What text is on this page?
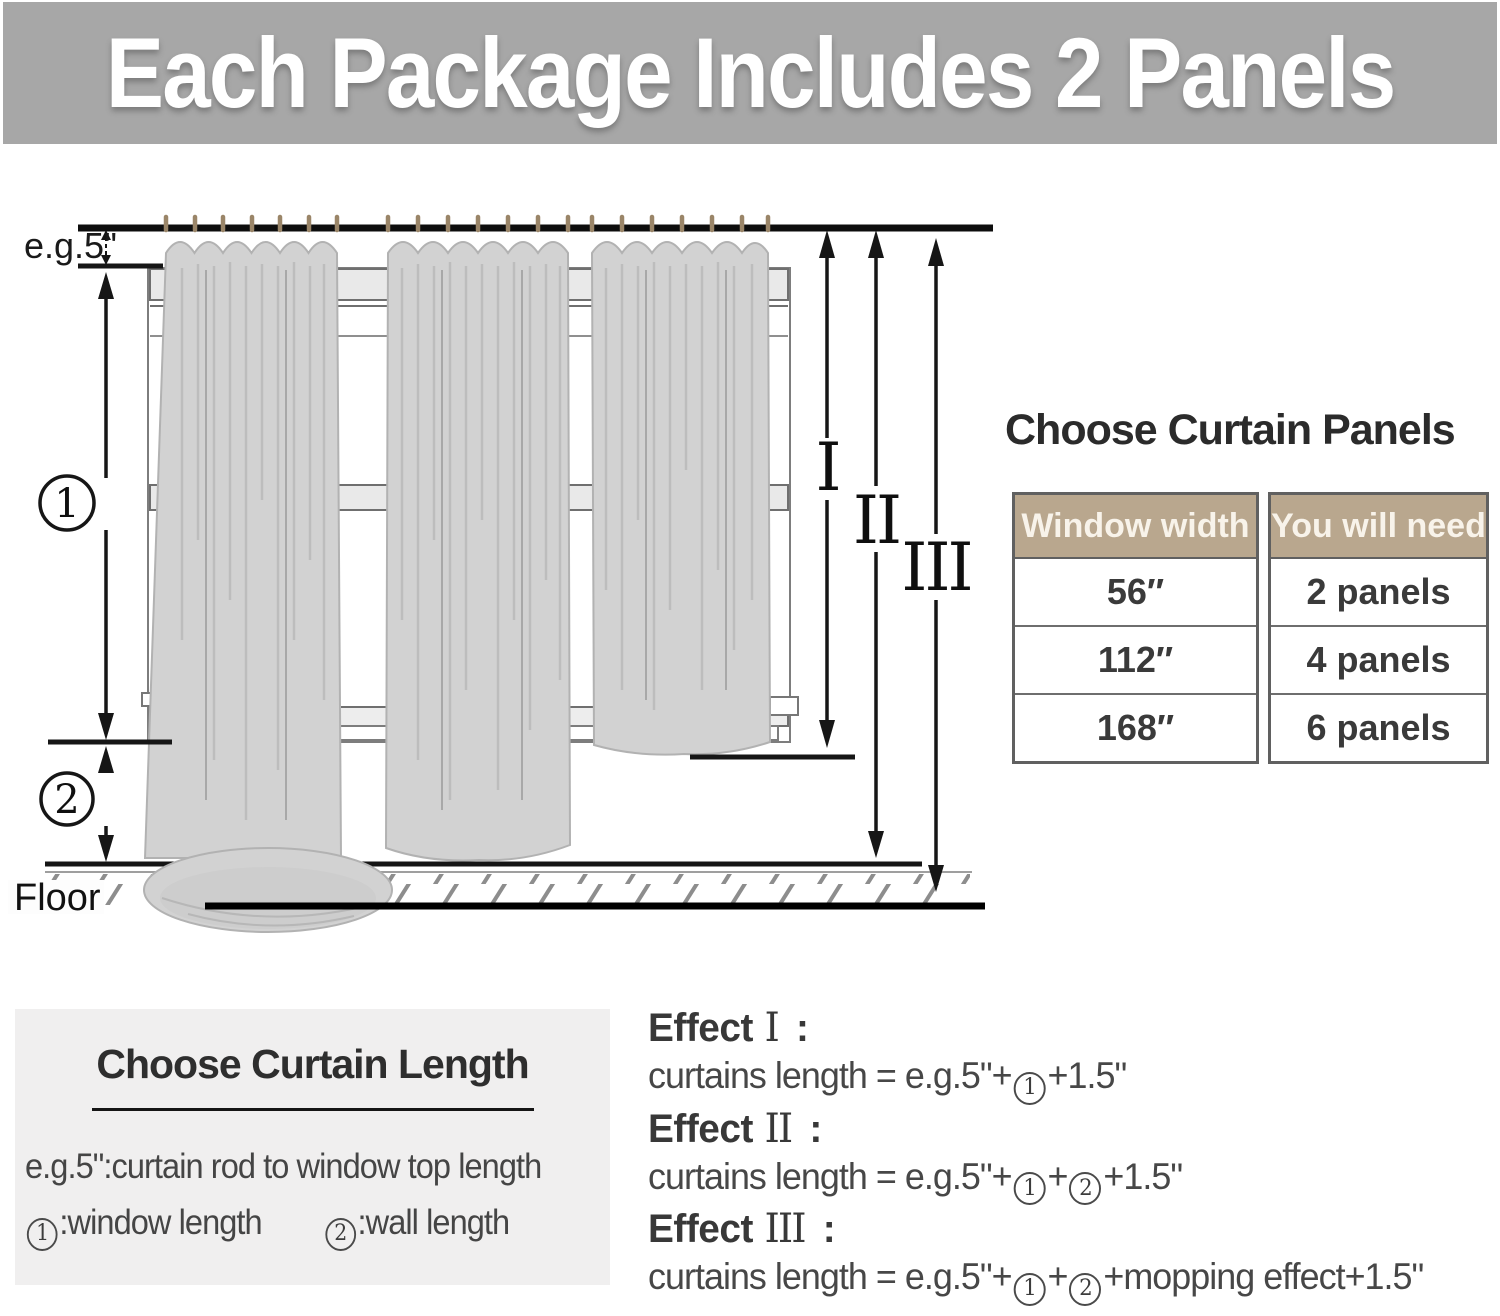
Each Package Includes 2 Panels
e.g.5"
1
2
Floor
I
II
III
Choose Curtain Panels
Window width
56″
112″
168″
You will need
2 panels
4 panels
6 panels
Choose Curtain Length
e.g.5":curtain rod to window top length
1 :window length	2 :wall length
Effect I :
curtains length = e.g.5"+ 1 +1.5"
Effect II :
curtains length = e.g.5"+ 1 + 2 +1.5"
Effect III :
curtains length = e.g.5"+ 1 + 2 +mopping effect+1.5"
